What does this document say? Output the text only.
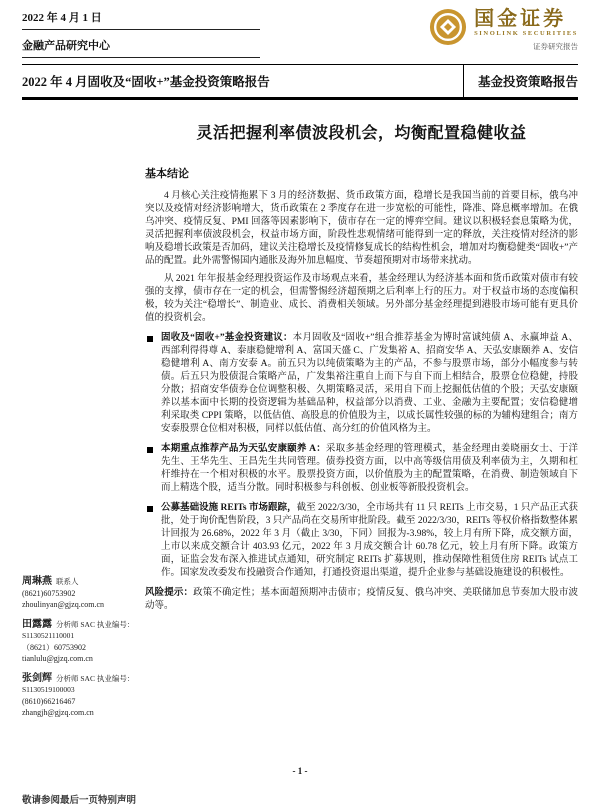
2022 年 4 月 1 日
金融产品研究中心
国金证券
SINOLINK SECURITIES
证券研究报告
2022 年 4 月固收及“固收+”基金投资策略报告	基金投资策略报告
周琳燕 联系人
(8621)60753902
zhoulinyan@gjzq.com.cn
田露露 分析师 SAC 执业编号：S1130521110001
（8621）60753902
tianlulu@gjzq.com.cn
张剑辉 分析师 SAC 执业编号：S1130519100003
(8610)66216467
zhangjh@gjzq.com.cn
灵活把握利率债波段机会，均衡配置稳健收益
基本结论

4 月核心关注疫情拖累下 3 月的经济数据、货币政策方面，稳增长是我国当前的首要目标，俄乌冲突以及疫情对经济影响增大，货币政策在 2 季度存在进一步宽松的可能性，降准、降息概率增加。在俄乌冲突、疫情反复、PMI 回落等因素影响下，债市存在一定的博弈空间。建议以积极轻套息策略为优，灵活把握利率债波段机会，权益市场方面，阶段性悲观情绪可能得到一定的释放，关注疫情对经济的影响及稳增长政策是否加码，建议关注稳增长及疫情修复成长的结构性机会，增加对均衡稳健类“固收+”产品的配置。此外需警惕国内通胀及海外加息幅度、节奏超预期对市场带来扰动。

从 2021 年年报基金经理投资运作及市场观点来看，基金经理认为经济基本面和货币政策对债市有较强的支撑，债市存在一定的机会，但需警惕经济超预期之后利率上行的压力。对于权益市场的态度偏积极，较为关注“稳增长”、制造业、成长、消费相关领域。另外部分基金经理提到港股市场可能有更具价值的投资机会。

固收及“固收+”基金投资建议：本月固收及“固收+”组合推荐基金为博时富诚纯债 A、永赢坤益 A、西部利得得尊 A、泰康稳健增利 A、富国天盛 C、广发集裕 A、招商安华 A、天弘安康颐养 A、安信稳健增利 A、南方安泰 A。前五只为以纯债策略为主的产品，不参与股票市场，部分小幅度参与转债。后五只为股债混合策略产品，广发集裕注重自上而下与自下而上相结合，股票仓位稳健，持股分散；招商安华债券仓位调整积极、久期策略灵活，采用自下而上挖掘低估值的个股；天弘安康颐养以基本面中长期的投资逻辑为基础品种，权益部分以消费、工业、金融为主要配置；安信稳健增利采取类 CPPI 策略，以低估值、高股息的价值股为主，以成长属性较强的标的为辅构建组合；南方安泰股票仓位相对积极，同样以低估值、高分红的价值风格为主。
本期重点推荐产品为天弘安康颐养 A：采取多基金经理的管理模式，基金经理由姜晓丽女士、于洋先生、王华先生、王昌先生共同管理。债券投资方面，以中高等级信用债及利率债为主，久期和杠杆维持在一个相对积极的水平。股票投资方面，以价值股为主的配置策略，在消费、制造领域自下而上精选个股，适当分散。同时积极参与科创板、创业板等新股投资机会。
公募基础设施 REITs 市场跟踪，截至 2022/3/30，全市场共有 11 只 REITs 上市交易，1 只产品正式获批，处于询价配售阶段，3 只产品尚在交易所审批阶段。截至 2022/3/30，REITs 等权价格指数整体累计回报为 26.68%，2022 年 3 月（截止 3/30，下同）回报为-3.98%，较上月有所下降，成交额方面，上市以来成交额合计 403.93 亿元，2022 年 3 月成交额合计 60.78 亿元，较上月有所下降。政策方面，证监会发布深入推进试点通知，研究制定 REITs 扩募规则，推动保障性租赁住房 REITs 试点工作。国家发改委发布投融资合作通知，打通投资退出渠道，提升企业参与基础设施建设的积极性。

风险提示：政策不确定性；基本面超预期冲击债市；疫情反复、俄乌冲突、美联储加息节奏加大股市波动等。

- 1 -
敬请参阅最后一页特别声明
